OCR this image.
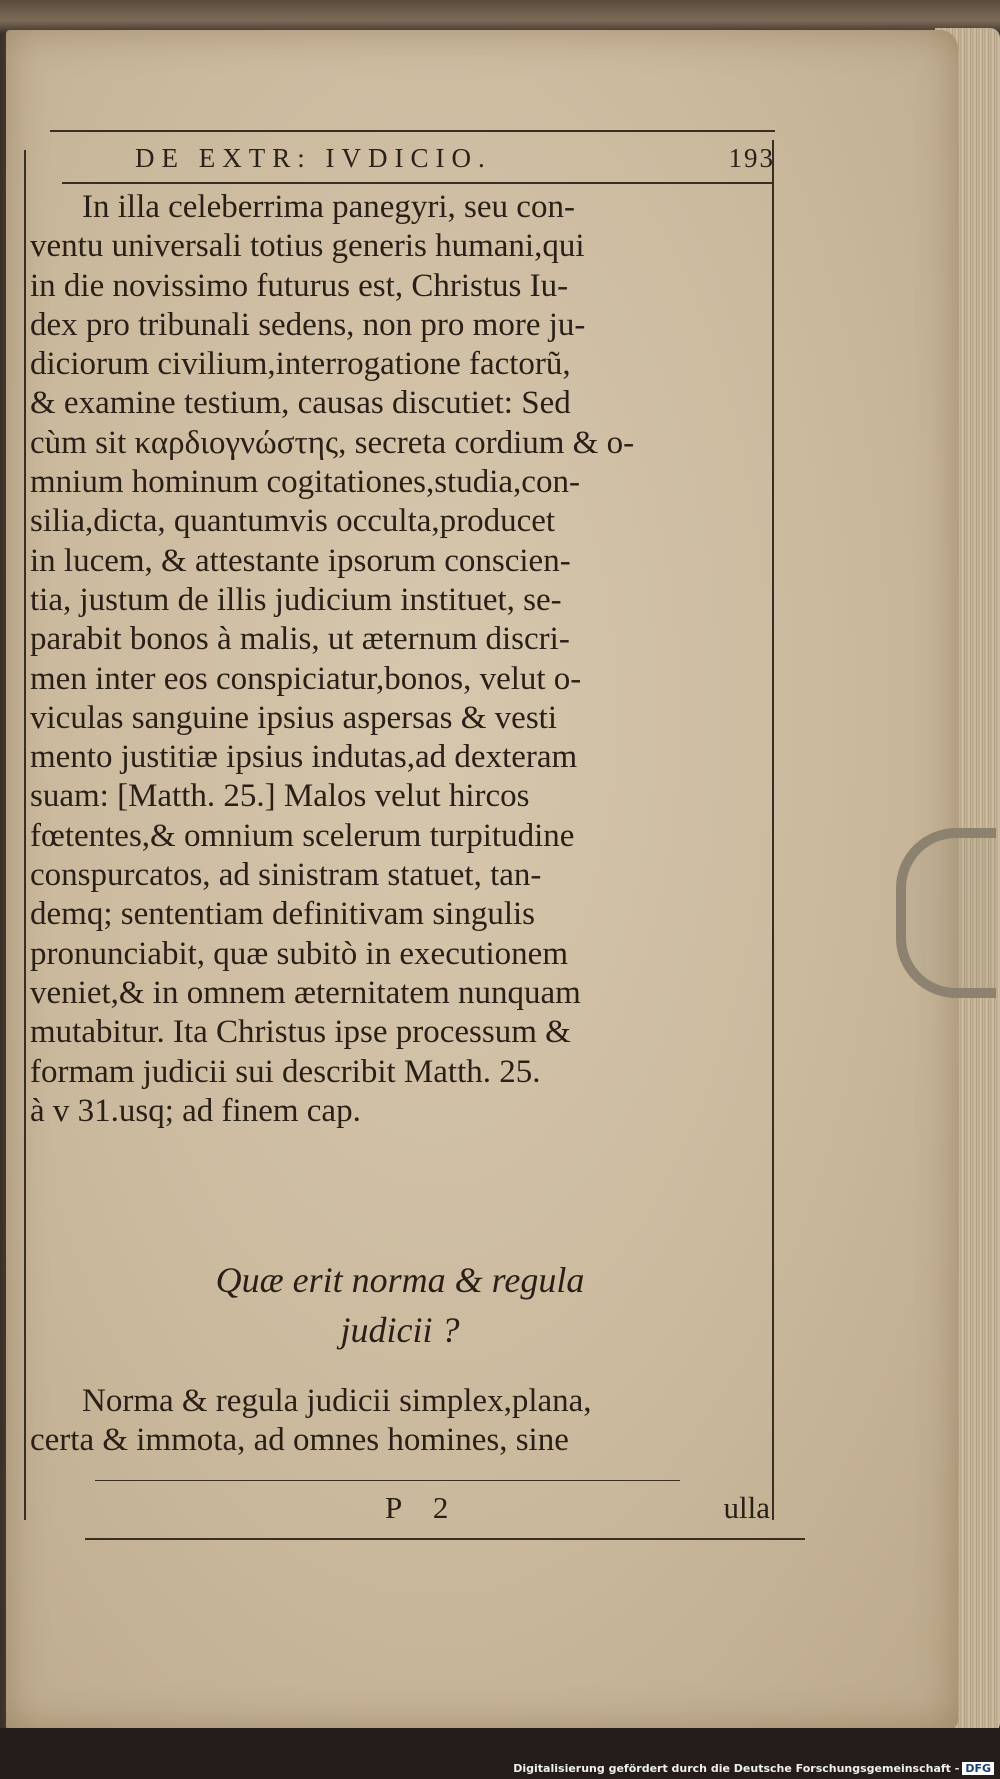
DE EXTR: IVDICIO.	193
In illa celeberrima panegyri, seu con-
ventu universali totius generis humani,qui
in die novissimo futurus est, Christus Iu-
dex pro tribunali sedens, non pro more ju-
diciorum civilium,interrogatione factorũ,
& examine testium, causas discutiet: Sed
cùm sit καρδιογνώστης, secreta cordium & o-
mnium hominum cogitationes,studia,con-
silia,dicta, quantumvis occulta,producet
in lucem, & attestante ipsorum conscien-
tia, justum de illis judicium instituet, se-
parabit bonos à malis, ut æternum discri-
men inter eos conspiciatur,bonos, velut o-
viculas sanguine ipsius aspersas & vesti
mento justitiæ ipsius indutas,ad dexteram
suam: [Matth. 25.] Malos velut hircos
fœtentes,& omnium scelerum turpitudine
conspurcatos, ad sinistram statuet, tan-
demq; sententiam definitivam singulis
pronunciabit, quæ subitò in executionem
veniet,& in omnem æternitatem nunquam
mutabitur. Ita Christus ipse processum &
formam judicii sui describit Matth. 25.
à v 31.usq; ad finem cap.
Quæ erit norma & regula
judicii ?
Norma & regula judicii simplex,plana,
certa & immota, ad omnes homines, sine
P 2	ulla
Digitalisierung gefördert durch die Deutsche Forschungsgemeinschaft - DFG
